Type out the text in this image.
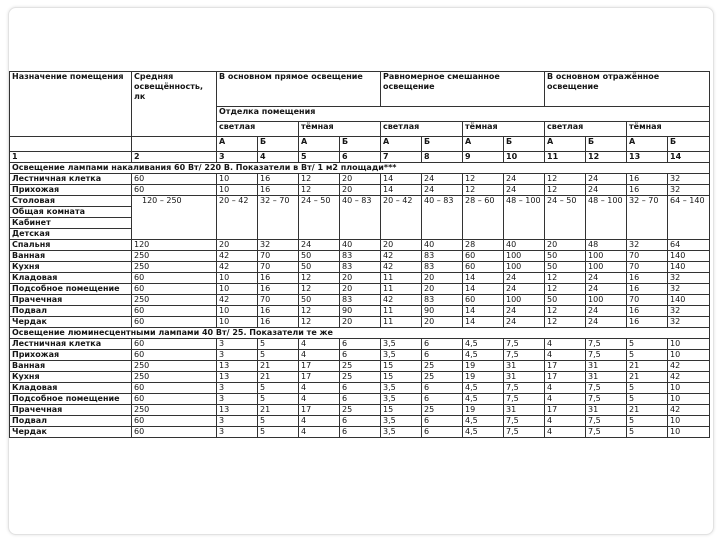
Назначение помещения	Средняя освещённость, лк	В основном прямое освещение				Равномерное смешанное освещение				В основном отражённое освещение			
		Отделка помещения											
		светлая		тёмная		светлая		тёмная		светлая		тёмная	
		А	Б	А	Б	А	Б	А	Б	А	Б	А	Б
1	2	3	4	5	6	7	8	9	10	11	12	13	14
Освещение лампами накаливания 60 Вт/ 220 В. Показатели в Вт/ 1 м2 площади***													
Лестничная клетка	60	10	16	12	20	14	24	12	24	12	24	16	32
Прихожая	60	10	16	12	20	14	24	12	24	12	24	16	32
Столовая	120 – 250	20 – 42	32 – 70	24 – 50	40 – 83	20 – 42	40 – 83	28 – 60	48 – 100	24 – 50	48 – 100	32 – 70	64 – 140
Общая комната													
Кабинет													
Детская													
Спальня	120	20	32	24	40	20	40	28	40	20	48	32	64
Ванная	250	42	70	50	83	42	83	60	100	50	100	70	140
Кухня	250	42	70	50	83	42	83	60	100	50	100	70	140
Кладовая	60	10	16	12	20	11	20	14	24	12	24	16	32
Подсобное помещение	60	10	16	12	20	11	20	14	24	12	24	16	32
Прачечная	250	42	70	50	83	42	83	60	100	50	100	70	140
Подвал	60	10	16	12	90	11	90	14	24	12	24	16	32
Чердак	60	10	16	12	20	11	20	14	24	12	24	16	32
Освещение люминесцентными лампами 40 Вт/ 25. Показатели те же													
Лестничная клетка	60	3	5	4	6	3,5	6	4,5	7,5	4	7,5	5	10
Прихожая	60	3	5	4	6	3,5	6	4,5	7,5	4	7,5	5	10
Ванная	250	13	21	17	25	15	25	19	31	17	31	21	42
Кухня	250	13	21	17	25	15	25	19	31	17	31	21	42
Кладовая	60	3	5	4	6	3,5	6	4,5	7,5	4	7,5	5	10
Подсобное помещение	60	3	5	4	6	3,5	6	4,5	7,5	4	7,5	5	10
Прачечная	250	13	21	17	25	15	25	19	31	17	31	21	42
Подвал	60	3	5	4	6	3,5	6	4,5	7,5	4	7,5	5	10
Чердак	60	3	5	4	6	3,5	6	4,5	7,5	4	7,5	5	10
